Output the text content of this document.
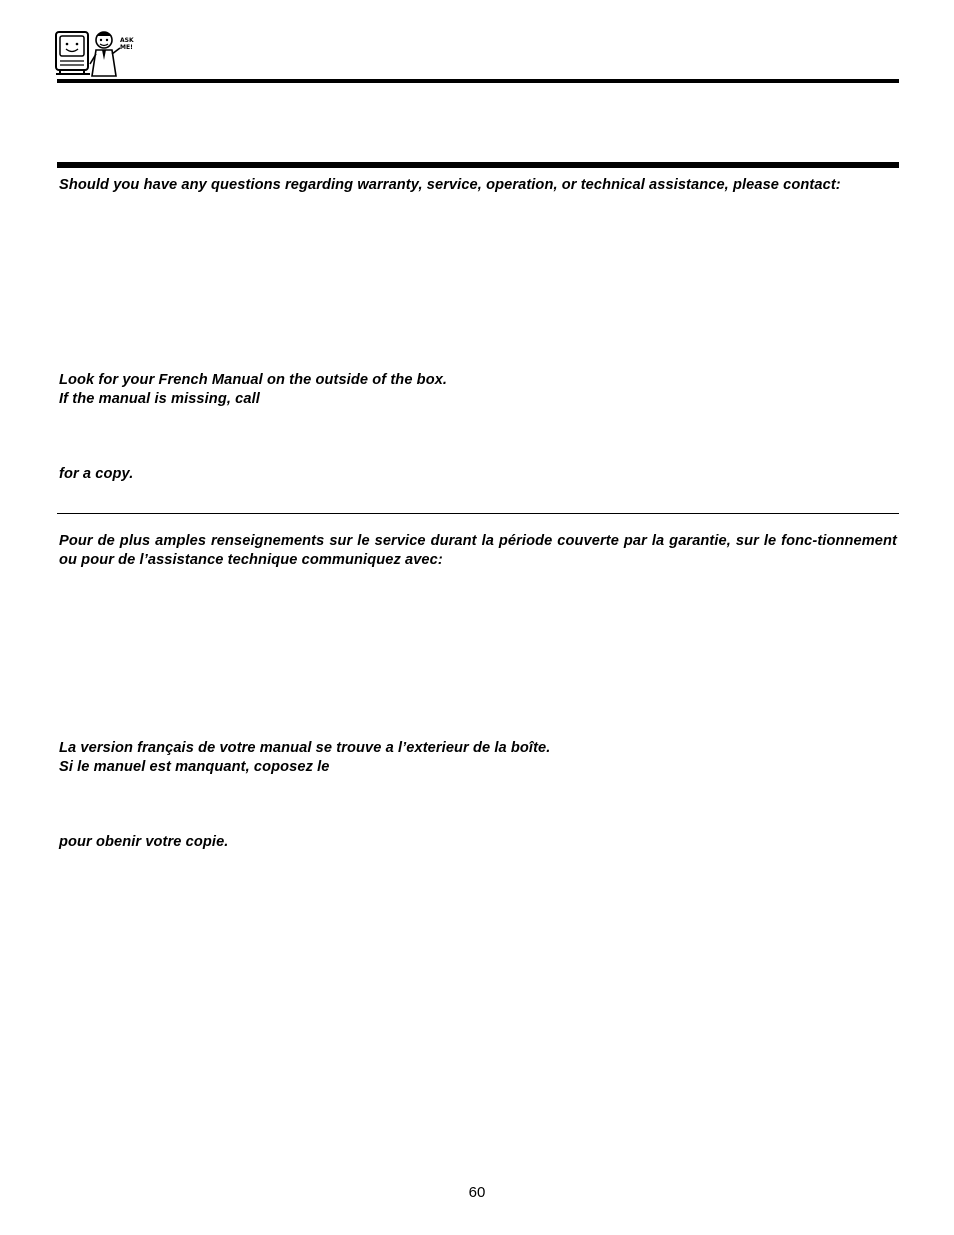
ASK
ME!

Should you have any questions regarding warranty, service, operation, or technical assistance, please contact:

Look for your French Manual on the outside of the box.

If the manual is missing, call

for a copy.

Pour de plus amples renseignements sur le service durant la période couverte par la garantie, sur le fonc-tionnement ou pour de l’assistance technique communiquez avec:

La version français de votre manual se trouve a l’exterieur de la boîte.

Si le manuel est manquant, coposez le

pour obenir votre copie.

60
